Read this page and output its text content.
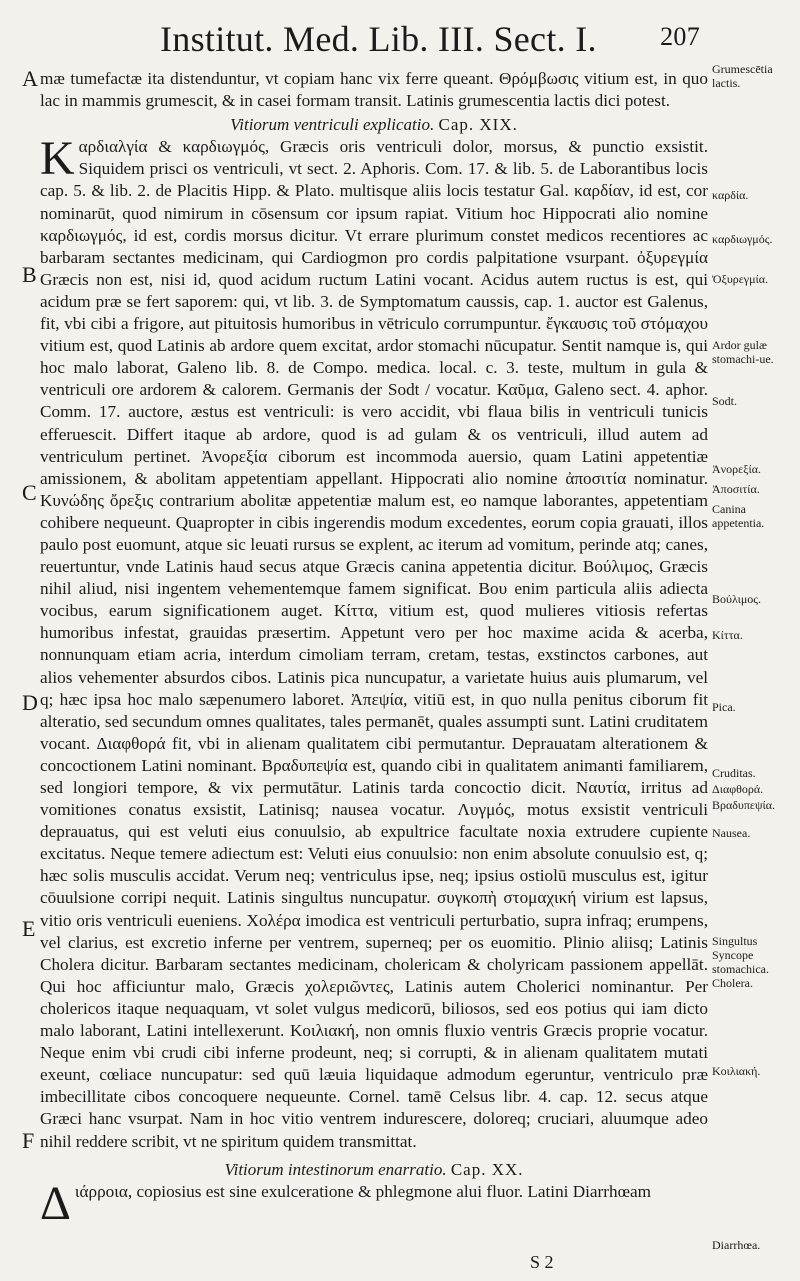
Institut. Med. Lib. III. Sect. I. 207
A
B
C
D
E
F

mæ tumefactæ ita distenduntur, vt copiam hanc vix ferre queant. Θρόμβωσις vitium est, in quo lac in mammis grumescit, & in casei formam transit. Latinis grumescentia lactis dici potest.

Vitiorum ventriculi explicatio. Cap. XIX.

K αρδιαλγία & καρδιωγμός, Græcis oris ventriculi dolor, morsus, & punctio exsistit. Siquidem prisci os ventriculi, vt sect. 2. Aphoris. Com. 17. & lib. 5. de Laborantibus locis cap. 5. & lib. 2. de Placitis Hipp. & Plato. multisque aliis locis testatur Gal. καρδίαν, id est, cor nominarūt, quod nimirum in cōsensum cor ipsum rapiat. Vitium hoc Hippocrati alio nomine καρδιωγμός, id est, cordis morsus dicitur. Vt errare plurimum constet medicos recentiores ac barbaram sectantes medicinam, qui Cardiogmon pro cordis palpitatione vsurpant. ὀξυρεγμία Græcis non est, nisi id, quod acidum ructum Latini vocant. Acidus autem ructus is est, qui acidum præ se fert saporem: qui, vt lib. 3. de Symptomatum caussis, cap. 1. auctor est Galenus, fit, vbi cibi a frigore, aut pituitosis humoribus in vētriculo corrumpuntur. ἔγκαυσις τοῦ στόμαχου vitium est, quod Latinis ab ardore quem excitat, ardor stomachi nūcupatur. Sentit namque is, qui hoc malo laborat, Galeno lib. 8. de Compo. medica. local. c. 3. teste, multum in gula & ventriculi ore ardorem & calorem. Germanis der Sodt / vocatur. Καῦμα, Galeno sect. 4. aphor. Comm. 17. auctore, æstus est ventriculi: is vero accidit, vbi flaua bilis in ventriculi tunicis efferuescit. Differt itaque ab ardore, quod is ad gulam & os ventriculi, illud autem ad ventriculum pertinet. Ἀνορεξία ciborum est incommoda auersio, quam Latini appetentiæ amissionem, & abolitam appetentiam appellant. Hippocrati alio nomine ἀποσιτία nominatur. Κυνώδης ὄρεξις contrarium abolitæ appetentiæ malum est, eo namque laborantes, appetentiam cohibere nequeunt. Quapropter in cibis ingerendis modum excedentes, eorum copia grauati, illos paulo post euomunt, atque sic leuati rursus se explent, ac iterum ad vomitum, perinde atq; canes, reuertuntur, vnde Latinis haud secus atque Græcis canina appetentia dicitur. Βούλιμος, Græcis nihil aliud, nisi ingentem vehementemque famem significat. Βου enim particula aliis adiecta vocibus, earum significationem auget. Κίττα, vitium est, quod mulieres vitiosis refertas humoribus infestat, grauidas præsertim. Appetunt vero per hoc maxime acida & acerba, nonnunquam etiam acria, interdum cimoliam terram, cretam, testas, exstinctos carbones, aut alios vehementer absurdos cibos. Latinis pica nuncupatur, a varietate huius auis plumarum, vel q; hæc ipsa hoc malo sæpenumero laboret. Ἀπεψία, vitiū est, in quo nulla penitus ciborum fit alteratio, sed secundum omnes qualitates, tales permanēt, quales assumpti sunt. Latini cruditatem vocant. Διαφθορά fit, vbi in alienam qualitatem cibi permutantur. Deprauatam alterationem & concoctionem Latini nominant. Βραδυπεψία est, quando cibi in qualitatem animanti familiarem, sed longiori tempore, & vix permutātur. Latinis tarda concoctio dicit. Ναυτία, irritus ad vomitiones conatus exsistit, Latinisq; nausea vocatur. Λυγμός, motus exsistit ventriculi deprauatus, qui est veluti eius conuulsio, ab expultrice facultate noxia extrudere cupiente excitatus. Neque temere adiectum est: Veluti eius conuulsio: non enim absolute conuulsio est, q; hæc solis musculis accidat. Verum neq; ventriculus ipse, neq; ipsius ostiolū musculus est, igitur cōuulsione corripi nequit. Latinis singultus nuncupatur. συγκοπὴ στομαχική virium est lapsus, vitio oris ventriculi eueniens. Χολέρα imodica est ventriculi perturbatio, supra infraq; erumpens, vel clarius, est excretio inferne per ventrem, superneq; per os euomitio. Plinio aliisq; Latinis Cholera dicitur. Barbaram sectantes medicinam, cholericam & cholyricam passionem appellāt. Qui hoc afficiuntur malo, Græcis χολεριῶντες, Latinis autem Cholerici nominantur. Per cholericos itaque nequaquam, vt solet vulgus medicorū, biliosos, sed eos potius qui iam dicto malo laborant, Latini intellexerunt. Κοιλιακή, non omnis fluxio ventris Græcis proprie vocatur. Neque enim vbi crudi cibi inferne prodeunt, neq; si corrupti, & in alienam qualitatem mutati exeunt, cœliace nuncupatur: sed quū læuia liquidaque admodum egeruntur, ventriculo præ imbecillitate cibos concoquere nequeunte. Cornel. tamē Celsus libr. 4. cap. 12. secus atque Græci hanc vsurpat. Nam in hoc vitio ventrem indurescere, doloreq; cruciari, aluumque adeo nihil reddere scribit, vt ne spiritum quidem transmittat.

Vitiorum intestinorum enarratio. Cap. XX.

Δ ιάρροια, copiosius est sine exulceratione & phlegmone alui fluor. Latini Diarrhœam

Grumescētia lactis.
καρδία.
καρδιωγμός.
Ὀξυρεγμία.
Ardor gulæ stomachi-ue.
Sodt.
Ἀνορεξία.
Ἀποσιτία.
Canina appetentia.
Βούλιμος.
Κίττα.
Pica.
Cruditas.
Διαφθορά.
Βραδυπεψία.
Nausea.
Singultus
Syncope stomachica.
Cholera.
Κοιλιακή.
Diarrhœa.
S 2
